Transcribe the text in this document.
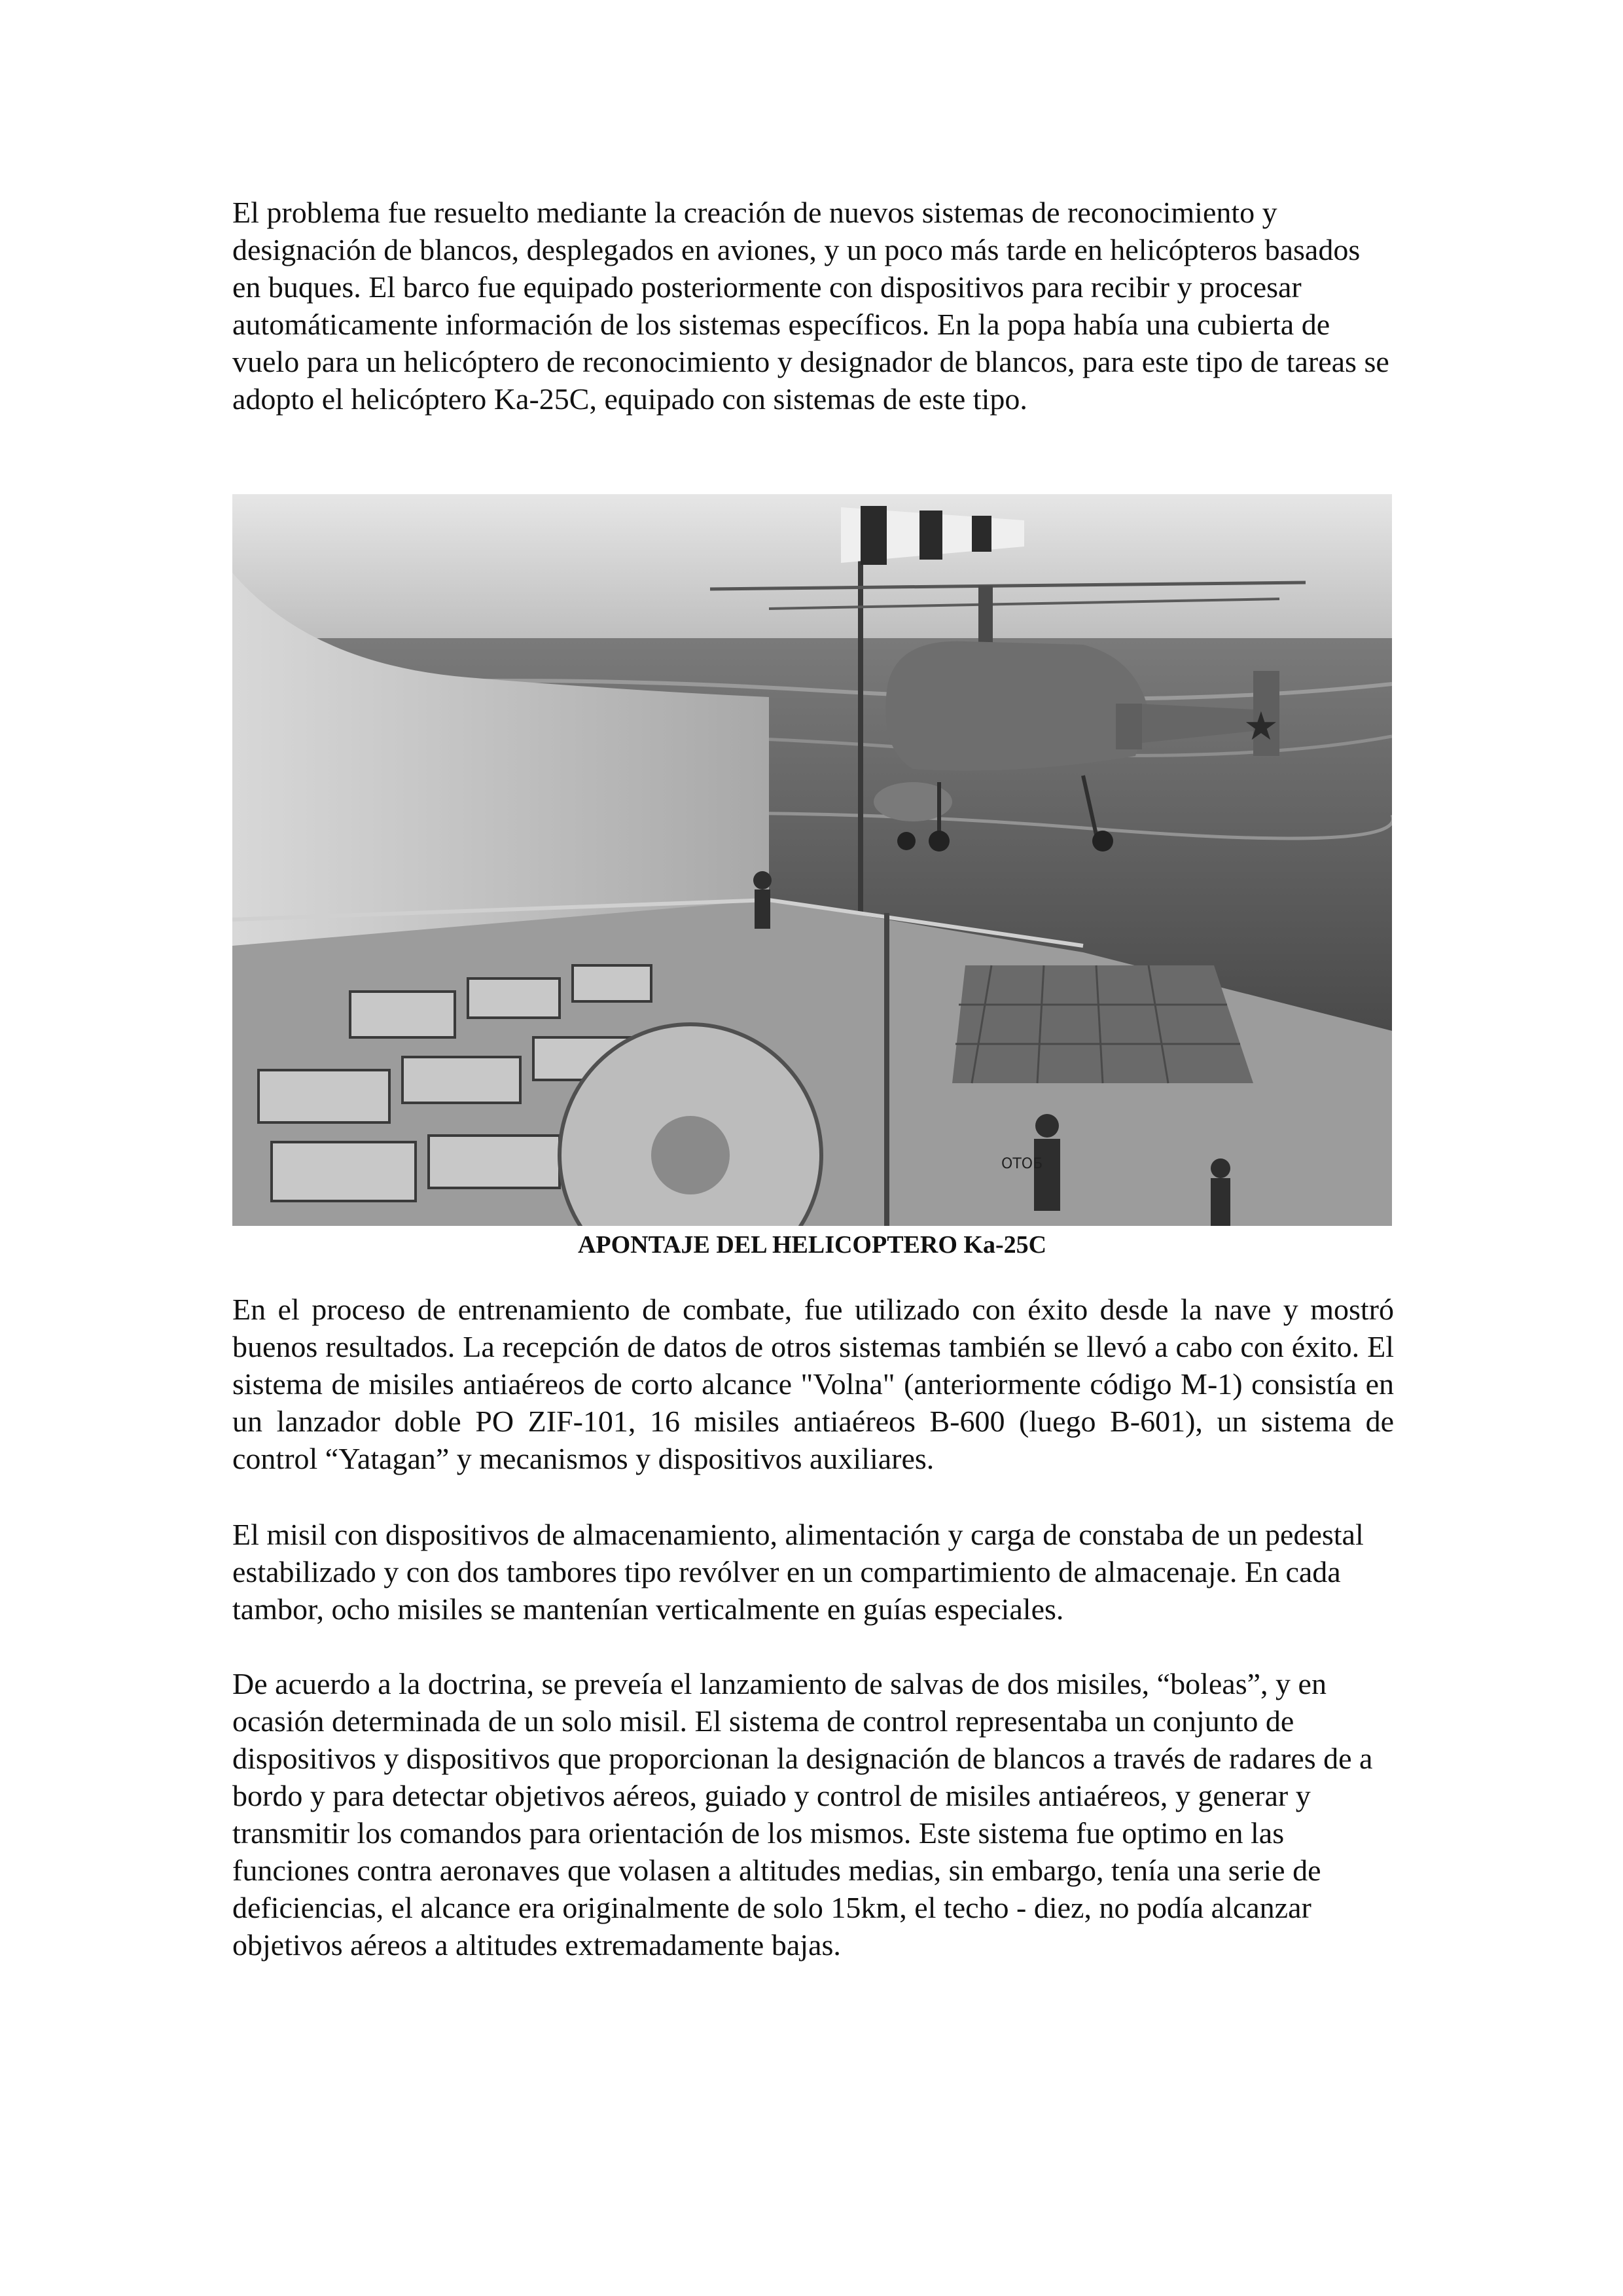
El problema fue resuelto mediante la creación de nuevos sistemas de reconocimiento y designación de blancos, desplegados en aviones, y un poco más tarde en helicópteros basados en buques. El barco fue equipado posteriormente con dispositivos para recibir y procesar automáticamente información de los sistemas específicos. En la popa había una cubierta de vuelo para un helicóptero de reconocimiento y designador de blancos, para este tipo de tareas se adopto el helicóptero Ka-25C, equipado con sistemas de este tipo.

★
ОТОБ

APONTAJE DEL HELICOPTERO Ka-25C

En el proceso de entrenamiento de combate, fue utilizado con éxito desde la nave y mostró buenos resultados. La recepción de datos de otros sistemas también se llevó a cabo con éxito. El sistema de misiles antiaéreos de corto alcance "Volna" (anteriormente código M-1) consistía en un lanzador doble PO ZIF-101, 16 misiles antiaéreos B-600 (luego B-601), un sistema de control “Yatagan” y mecanismos y dispositivos auxiliares.

El misil con dispositivos de almacenamiento, alimentación y carga de constaba de un pedestal estabilizado y con dos tambores tipo revólver en un compartimiento de almacenaje. En cada tambor, ocho misiles se mantenían verticalmente en guías especiales.

De acuerdo a la doctrina, se preveía el lanzamiento de salvas de dos misiles, “boleas”, y en ocasión determinada de un solo misil. El sistema de control representaba un conjunto de dispositivos y dispositivos que proporcionan la designación de blancos a través de radares de a bordo y para detectar objetivos aéreos, guiado y control de misiles antiaéreos, y generar y transmitir los comandos para orientación de los mismos. Este sistema fue optimo en las funciones contra aeronaves que volasen a altitudes medias, sin embargo, tenía una serie de deficiencias, el alcance era originalmente de solo 15km, el techo - diez, no podía alcanzar objetivos aéreos a altitudes extremadamente bajas.
